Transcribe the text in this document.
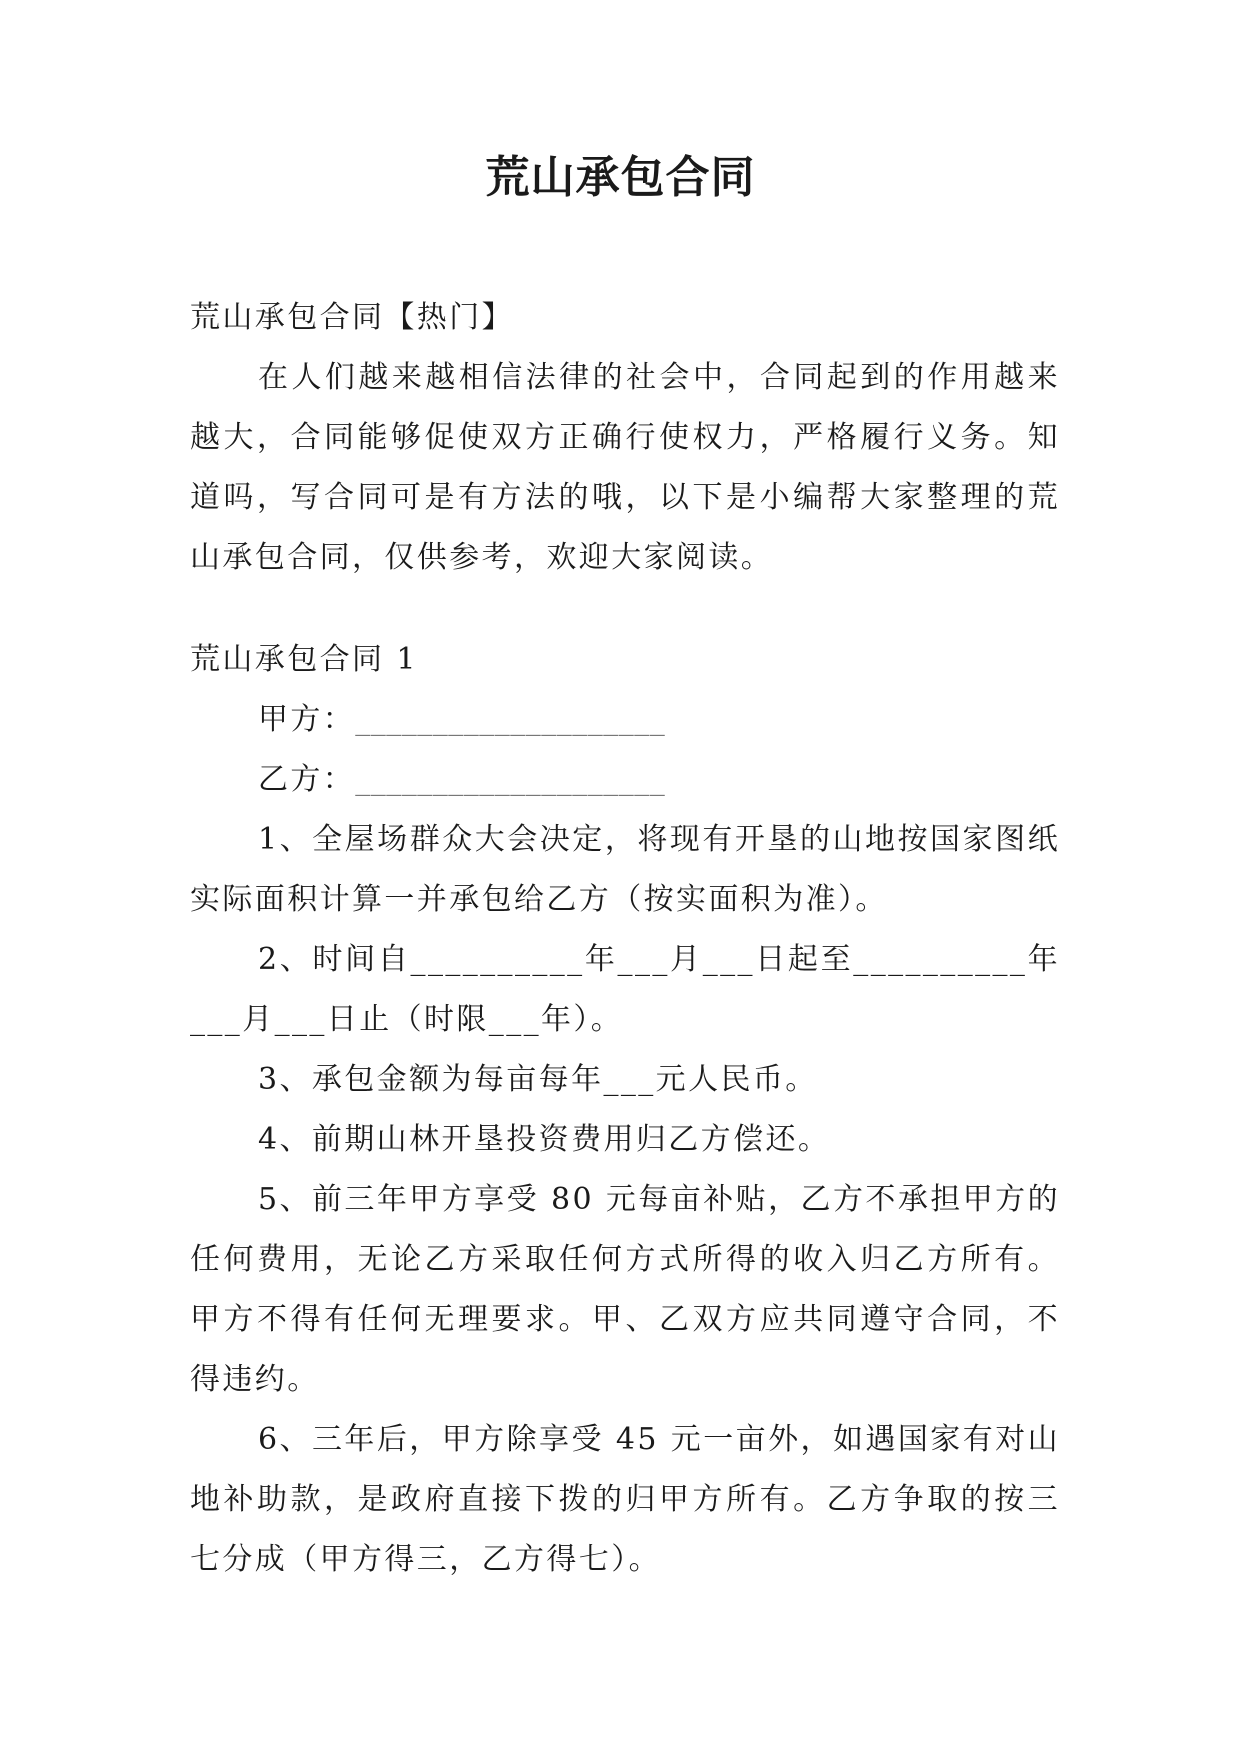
荒山承包合同

荒山承包合同【热门】

在人们越来越相信法律的社会中，合同起到的作用越来越大，合同能够促使双方正确行使权力，严格履行义务。知道吗，写合同可是有方法的哦，以下是小编帮大家整理的荒山承包合同，仅供参考，欢迎大家阅读。

荒山承包合同 1

甲方：____________________

乙方：____________________

1、全屋场群众大会决定，将现有开垦的山地按国家图纸实际面积计算一并承包给乙方（按实面积为准）。

2、时间自__________年___月___日起至__________年___月___日止（时限___年）。

3、承包金额为每亩每年___元人民币。

4、前期山林开垦投资费用归乙方偿还。

5、前三年甲方享受 80 元每亩补贴，乙方不承担甲方的任何费用，无论乙方采取任何方式所得的收入归乙方所有。甲方不得有任何无理要求。甲、乙双方应共同遵守合同，不得违约。

6、三年后，甲方除享受 45 元一亩外，如遇国家有对山地补助款，是政府直接下拨的归甲方所有。乙方争取的按三七分成（甲方得三，乙方得七）。
